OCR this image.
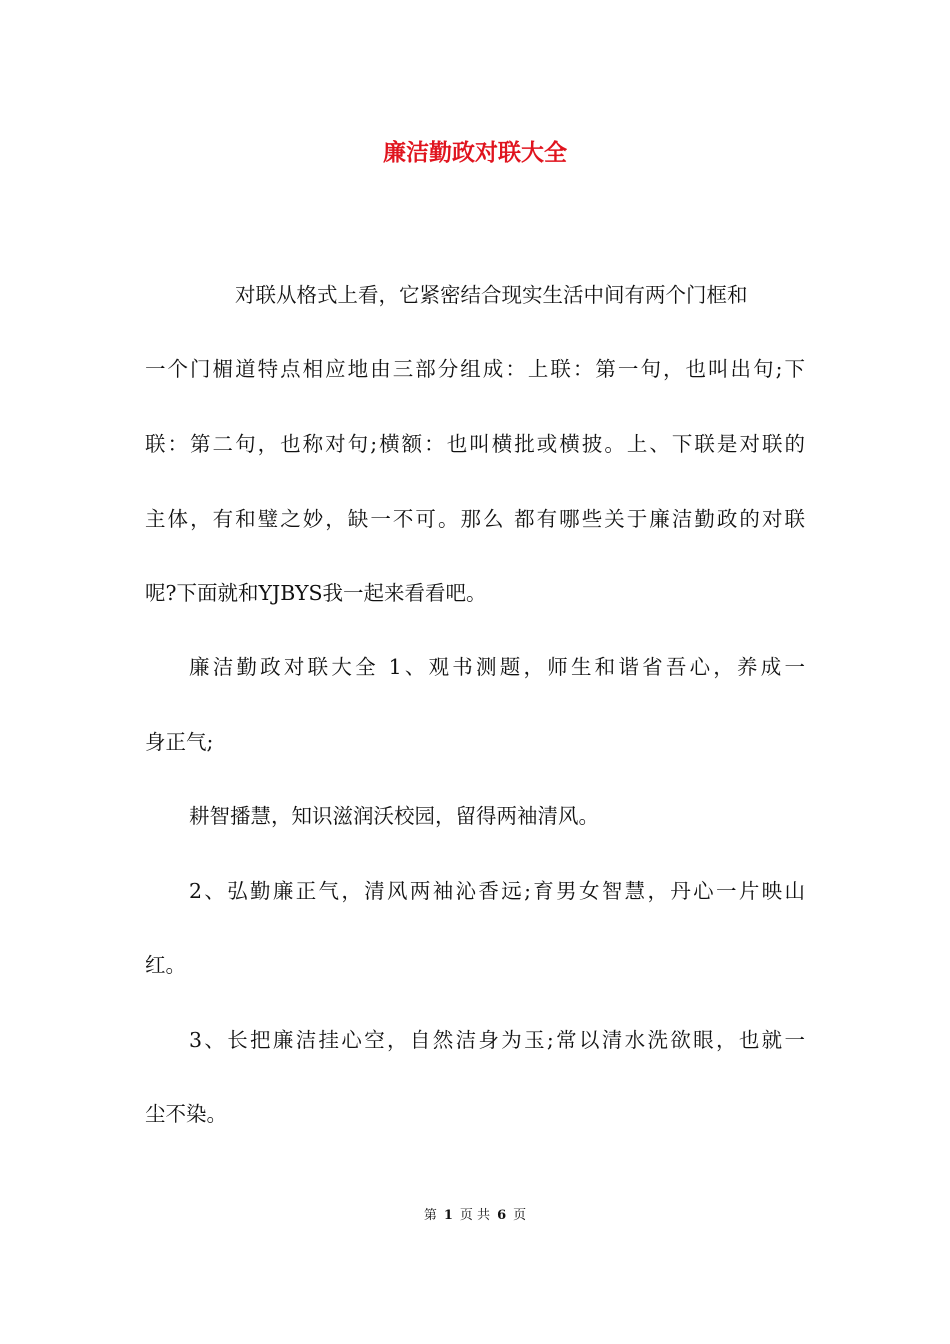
廉洁勤政对联大全

对联从格式上看，它紧密结合现实生活中间有两个门框和

一个门楣道特点相应地由三部分组成：上联：第一句，也叫出句;下

联：第二句，也称对句;横额：也叫横批或横披。上、下联是对联的

主体，有和璧之妙，缺一不可。那么 都有哪些关于廉洁勤政的对联

呢?下面就和YJBYS我一起来看看吧。

廉洁勤政对联大全 1、观书测题，师生和谐省吾心，养成一

身正气;

耕智播慧，知识滋润沃校园，留得两袖清风。

2、弘勤廉正气，清风两袖沁香远;育男女智慧，丹心一片映山

红。

3、长把廉洁挂心空，自然洁身为玉;常以清水洗欲眼，也就一

尘不染。

第 1 页 共 6 页
